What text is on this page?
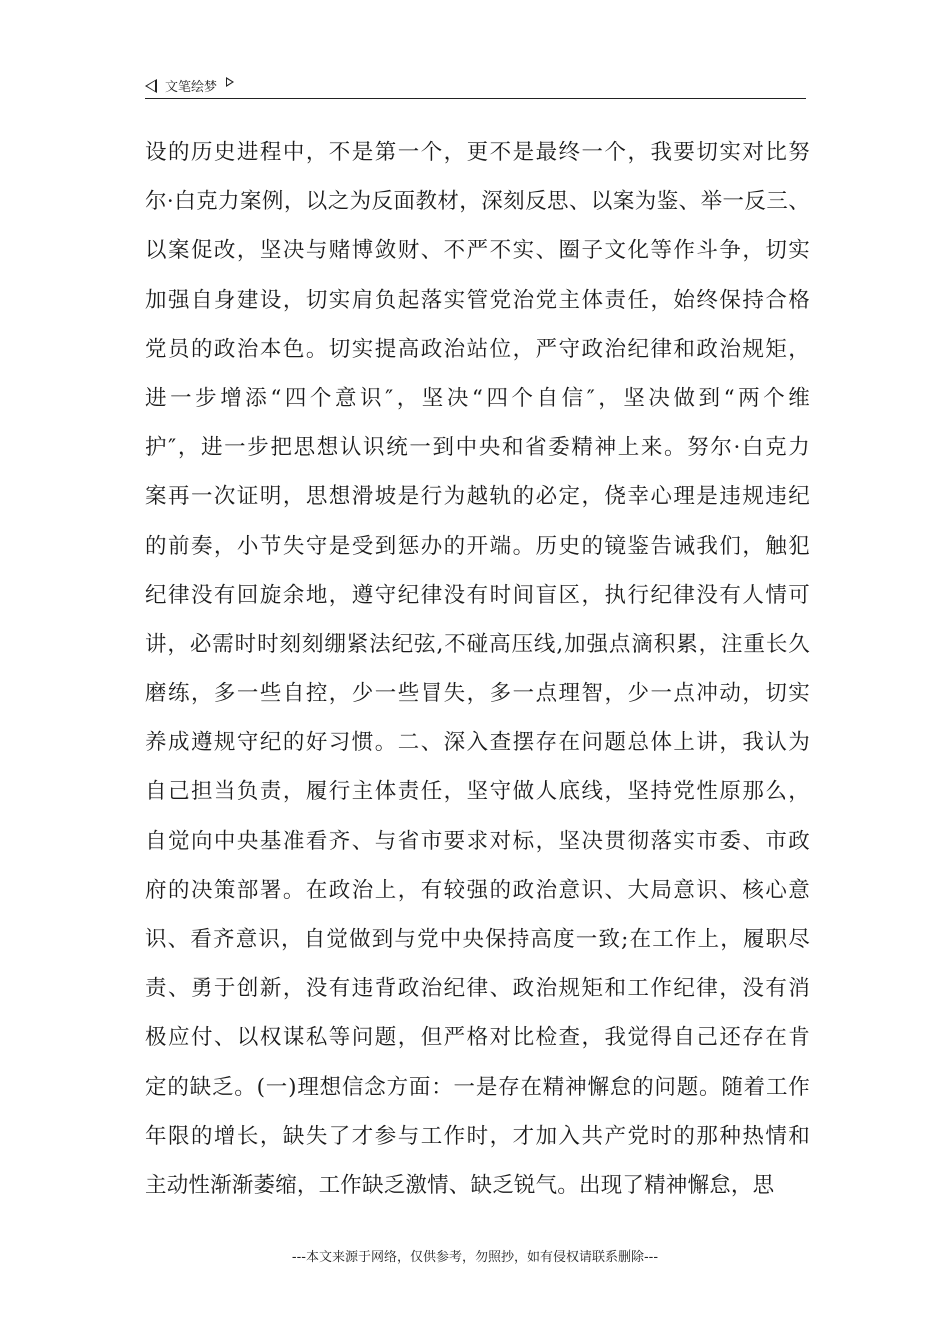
文笔绘梦
设的历史进程中，不是第一个，更不是最终一个，我要切实对比努
尔·白克力案例，以之为反面教材，深刻反思、以案为鉴、举一反三、
以案促改，坚决与赌博敛财、不严不实、圈子文化等作斗争，切实
加强自身建设，切实肩负起落实管党治党主体责任，始终保持合格
党员的政治本色。切实提高政治站位，严守政治纪律和政治规矩，
进一步增添“四个意识″，坚决“四个自信″，坚决做到“两个维
护″，进一步把思想认识统一到中央和省委精神上来。努尔·白克力
案再一次证明，思想滑坡是行为越轨的必定，侥幸心理是违规违纪
的前奏，小节失守是受到惩办的开端。历史的镜鉴告诫我们，触犯
纪律没有回旋余地，遵守纪律没有时间盲区，执行纪律没有人情可
讲，必需时时刻刻绷紧法纪弦,不碰高压线,加强点滴积累，注重长久
磨练，多一些自控，少一些冒失，多一点理智，少一点冲动，切实
养成遵规守纪的好习惯。二、深入查摆存在问题总体上讲，我认为
自己担当负责，履行主体责任，坚守做人底线，坚持党性原那么，
自觉向中央基准看齐、与省市要求对标，坚决贯彻落实市委、市政
府的决策部署。在政治上，有较强的政治意识、大局意识、核心意
识、看齐意识，自觉做到与党中央保持高度一致;在工作上，履职尽
责、勇于创新，没有违背政治纪律、政治规矩和工作纪律，没有消
极应付、以权谋私等问题，但严格对比检查，我觉得自己还存在肯
定的缺乏。(一)理想信念方面：一是存在精神懈怠的问题。随着工作
年限的增长，缺失了才参与工作时，才加入共产党时的那种热情和
主动性渐渐萎缩，工作缺乏激情、缺乏锐气。出现了精神懈怠，思
---本文来源于网络，仅供参考，勿照抄，如有侵权请联系删除---
